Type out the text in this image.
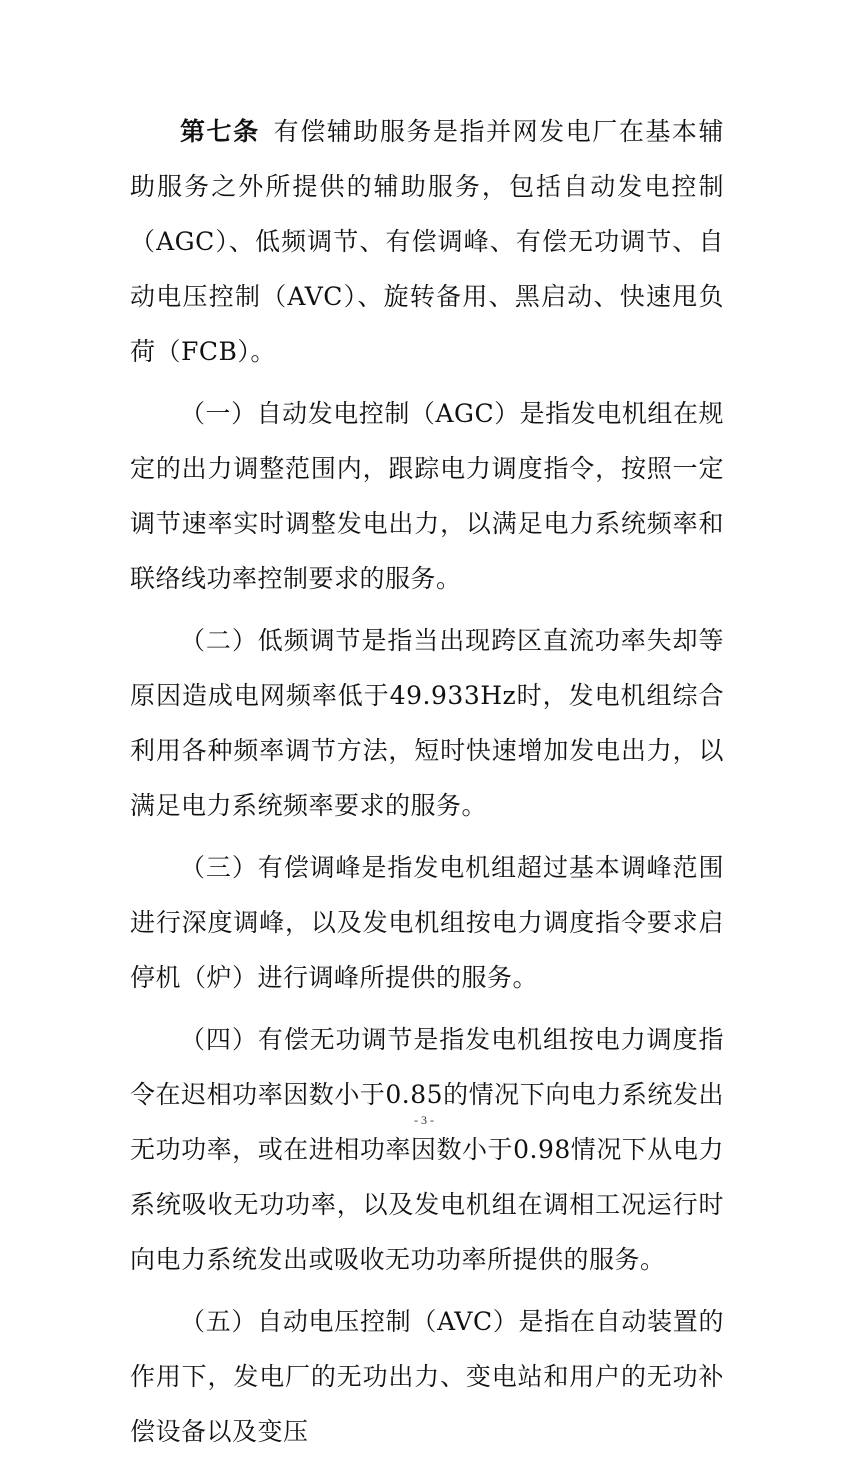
第七条 有偿辅助服务是指并网发电厂在基本辅助服务之外所提供的辅助服务，包括自动发电控制（AGC）、低频调节、有偿调峰、有偿无功调节、自动电压控制（AVC）、旋转备用、黑启动、快速甩负荷（FCB）。

（一）自动发电控制（AGC）是指发电机组在规定的出力调整范围内，跟踪电力调度指令，按照一定调节速率实时调整发电出力，以满足电力系统频率和联络线功率控制要求的服务。

（二）低频调节是指当出现跨区直流功率失却等原因造成电网频率低于49.933Hz时，发电机组综合利用各种频率调节方法，短时快速增加发电出力，以满足电力系统频率要求的服务。

（三）有偿调峰是指发电机组超过基本调峰范围进行深度调峰，以及发电机组按电力调度指令要求启停机（炉）进行调峰所提供的服务。

（四）有偿无功调节是指发电机组按电力调度指令在迟相功率因数小于0.85的情况下向电力系统发出无功功率，或在进相功率因数小于0.98情况下从电力系统吸收无功功率，以及发电机组在调相工况运行时向电力系统发出或吸收无功功率所提供的服务。

（五）自动电压控制（AVC）是指在自动装置的作用下，发电厂的无功出力、变电站和用户的无功补偿设备以及变压

- 3 -
